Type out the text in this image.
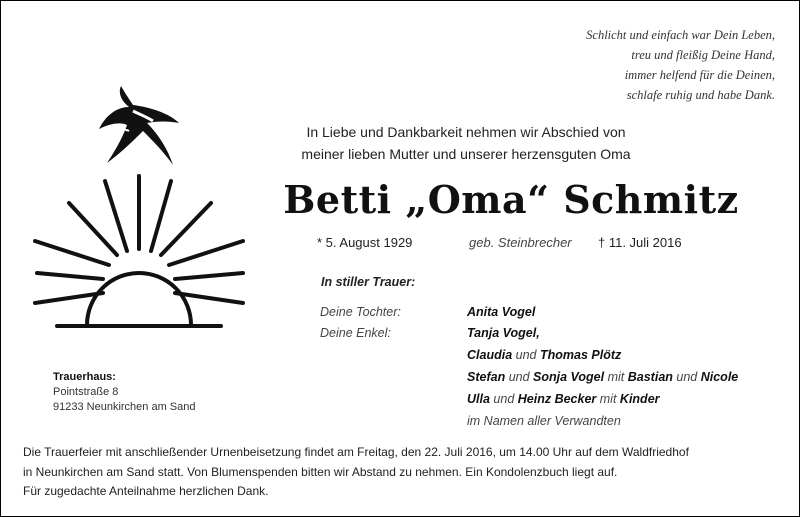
Schlicht und einfach war Dein Leben,
treu und fleißig Deine Hand,
immer helfend für die Deinen,
schlafe ruhig und habe Dank.
In Liebe und Dankbarkeit nehmen wir Abschied von
meiner lieben Mutter und unserer herzensguten Oma
Betti „Oma“ Schmitz
* 5. August 1929	geb. Steinbrecher † 11. Juli 2016
In stiller Trauer:
Deine Tochter:
Deine Enkel:
Anita Vogel
Tanja Vogel,
Claudia und Thomas Plötz
Stefan und Sonja Vogel mit Bastian und Nicole
Ulla und Heinz Becker mit Kinder
im Namen aller Verwandten
Trauerhaus:
Pointstraße 8
91233 Neunkirchen am Sand
Die Trauerfeier mit anschließender Urnenbeisetzung findet am Freitag, den 22. Juli 2016, um 14.00 Uhr auf dem Waldfriedhof
in Neunkirchen am Sand statt. Von Blumenspenden bitten wir Abstand zu nehmen. Ein Kondolenzbuch liegt auf.
Für zugedachte Anteilnahme herzlichen Dank.
